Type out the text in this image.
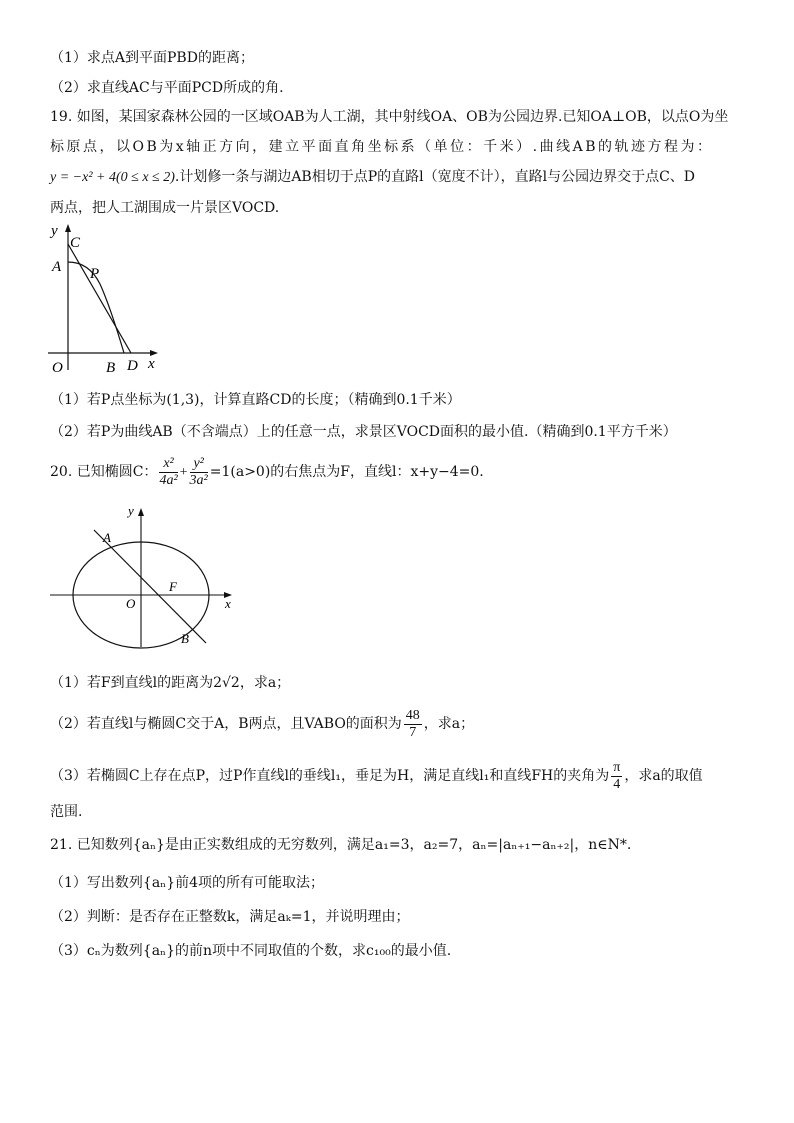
（1）求点A到平面PBD的距离；
（2）求直线AC与平面PCD所成的角.
19. 如图，某国家森林公园的一区域OAB为人工湖，其中射线OA、OB为公园边界.已知OA⊥OB，以点O为坐
标原点，以OB为x轴正方向，建立平面直角坐标系（单位：千米）.曲线AB的轨迹方程为：
y = −x² + 4(0 ≤ x ≤ 2).计划修一条与湖边AB相切于点P的直路l（宽度不计），直路l与公园边界交于点C、D
两点，把人工湖围成一片景区VOCD.
y
C
A P
O	B D x
（1）若P点坐标为(1,3)，计算直路CD的长度；（精确到0.1千米）
（2）若P为曲线AB（不含端点）上的任意一点，求景区VOCD面积的最小值.（精确到0.1平方千米）
20. 已知椭圆C： $\frac{\text{x²}}{\text{4a²}} + \frac{\text{y²}}{\text{3a²}} =1(a>0)$的右焦点为F，直线l：x+y−4=0.
y
A
F
O	x
B
（1）若F到直线l的距离为2√2，求a；
（2）若直线l与椭圆C交于A，B两点，且VABO的面积为 $\frac{48}{7}$ ，求a；
（3）若椭圆C上存在点P，过P作直线l的垂线l₁，垂足为H，满足直线l₁和直线FH的夹角为 $\frac{\pi}{4}$ ，求a的取值
范围.
21. 已知数列{aₙ}是由正实数组成的无穷数列，满足a₁=3，a₂=7，aₙ=|aₙ₊₁−aₙ₊₂|，n∈N*.
（1）写出数列{aₙ}前4项的所有可能取法；
（2）判断：是否存在正整数k，满足aₖ=1，并说明理由；
（3）cₙ为数列{aₙ}的前n项中不同取值的个数，求c₁₀₀的最小值.
